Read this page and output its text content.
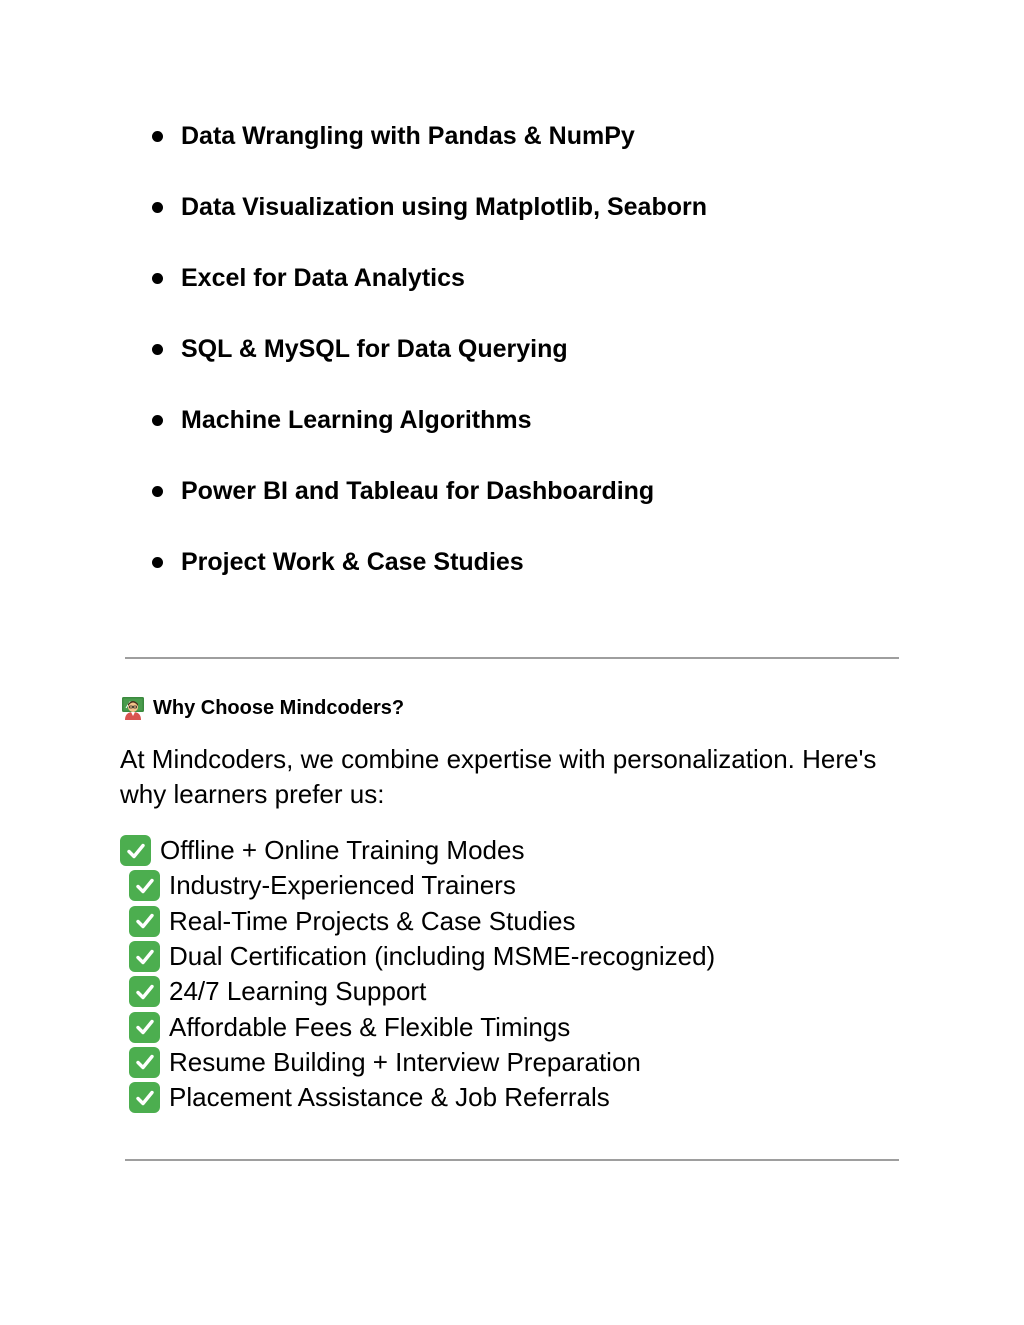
Data Wrangling with Pandas & NumPy
Data Visualization using Matplotlib, Seaborn
Excel for Data Analytics
SQL & MySQL for Data Querying
Machine Learning Algorithms
Power BI and Tableau for Dashboarding
Project Work & Case Studies
Why Choose Mindcoders?

At Mindcoders, we combine expertise with personalization. Here's why learners prefer us:

Offline + Online Training Modes
Industry-Experienced Trainers
Real-Time Projects & Case Studies
Dual Certification (including MSME-recognized)
24/7 Learning Support
Affordable Fees & Flexible Timings
Resume Building + Interview Preparation
Placement Assistance & Job Referrals
